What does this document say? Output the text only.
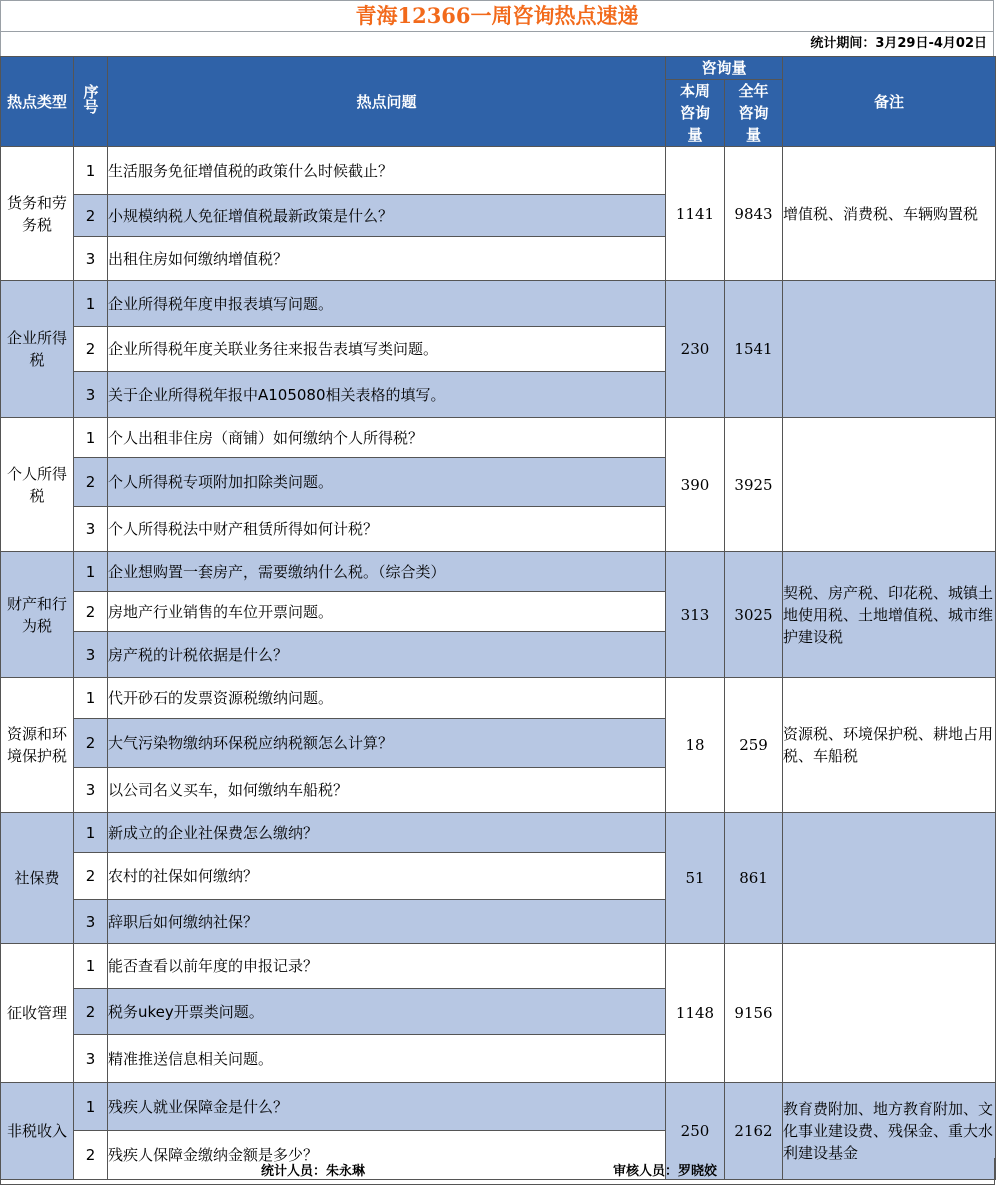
青海12366一周咨询热点速递
统计期间：3月29日-4月02日
热点类型	序号	热点问题	咨询量		备注
			本周咨询量	全年咨询量	
货务和劳务税	1	生活服务免征增值税的政策什么时候截止？	1141	9843	增值税、消费税、车辆购置税
	2	小规模纳税人免征增值税最新政策是什么？			
	3	出租住房如何缴纳增值税？			
企业所得税	1	企业所得税年度申报表填写问题。	230	1541	
	2	企业所得税年度关联业务往来报告表填写类问题。			
	3	关于企业所得税年报中A105080相关表格的填写。			
个人所得税	1	个人出租非住房（商铺）如何缴纳个人所得税？	390	3925	
	2	个人所得税专项附加扣除类问题。			
	3	个人所得税法中财产租赁所得如何计税？			
财产和行为税	1	企业想购置一套房产，需要缴纳什么税。（综合类）	313	3025	契税、房产税、印花税、城镇土地使用税、土地增值税、城市维护建设税
	2	房地产行业销售的车位开票问题。			
	3	房产税的计税依据是什么？			
资源和环境保护税	1	代开砂石的发票资源税缴纳问题。	18	259	资源税、环境保护税、耕地占用税、车船税
	2	大气污染物缴纳环保税应纳税额怎么计算？			
	3	以公司名义买车，如何缴纳车船税？			
社保费	1	新成立的企业社保费怎么缴纳？	51	861	
	2	农村的社保如何缴纳？			
	3	辞职后如何缴纳社保？			
征收管理	1	能否查看以前年度的申报记录？	1148	9156	
	2	税务ukey开票类问题。			
	3	精准推送信息相关问题。			
非税收入	1	残疾人就业保障金是什么？	250	2162	教育费附加、地方教育附加、文化事业建设费、残保金、重大水利建设基金
	2	残疾人保障金缴纳金额是多少？			
统计人员：朱永琳	审核人员：罗晓姣
